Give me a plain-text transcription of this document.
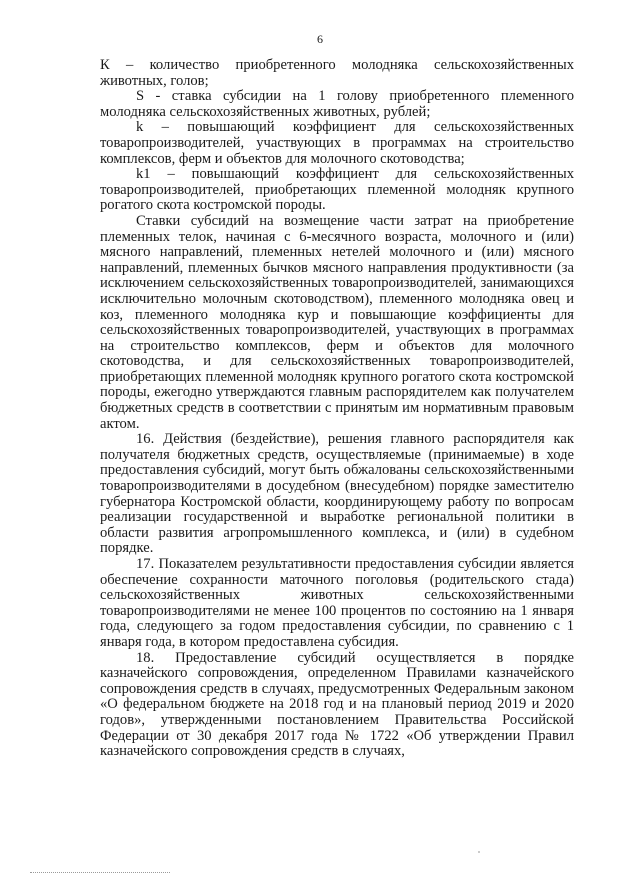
6

К – количество приобретенного молодняка сельскохозяйственных животных, голов;

S - ставка субсидии на 1 голову приобретенного племенного молодняка сельскохозяйственных животных, рублей;

k – повышающий коэффициент для сельскохозяйственных товаропроизводителей, участвующих в программах на строительство комплексов, ферм и объектов для молочного скотоводства;

k1 – повышающий коэффициент для сельскохозяйственных товаропроизводителей, приобретающих племенной молодняк крупного рогатого скота костромской породы.

Ставки субсидий на возмещение части затрат на приобретение племенных телок, начиная с 6-месячного возраста, молочного и (или) мясного направлений, племенных нетелей молочного и (или) мясного направлений, племенных бычков мясного направления продуктивности (за исключением сельскохозяйственных товаропроизводителей, занимающихся исключительно молочным скотоводством), племенного молодняка овец и коз, племенного молодняка кур и повышающие коэффициенты для сельскохозяйственных товаропроизводителей, участвующих в программах на строительство комплексов, ферм и объектов для молочного скотоводства, и для сельскохозяйственных товаропроизводителей, приобретающих племенной молодняк крупного рогатого скота костромской породы, ежегодно утверждаются главным распорядителем как получателем бюджетных средств в соответствии с принятым им нормативным правовым актом.

16. Действия (бездействие), решения главного распорядителя как получателя бюджетных средств, осуществляемые (принимаемые) в ходе предоставления субсидий, могут быть обжалованы сельскохозяйственными товаропроизводителями в досудебном (внесудебном) порядке заместителю губернатора Костромской области, координирующему работу по вопросам реализации государственной и выработке региональной политики в области развития агропромышленного комплекса, и (или) в судебном порядке.

17. Показателем результативности предоставления субсидии является обеспечение сохранности маточного поголовья (родительского стада) сельскохозяйственных животных сельскохозяйственными товаропроизводителями не менее 100 процентов по состоянию на 1 января года, следующего за годом предоставления субсидии, по сравнению с 1 января года, в котором предоставлена субсидия.

18. Предоставление субсидий осуществляется в порядке казначейского сопровождения, определенном Правилами казначейского сопровождения средств в случаях, предусмотренных Федеральным законом «О федеральном бюджете на 2018 год и на плановый период 2019 и 2020 годов», утвержденными постановлением Правительства Российской Федерации от 30 декабря 2017 года № 1722 «Об утверждении Правил казначейского сопровождения средств в случаях,
